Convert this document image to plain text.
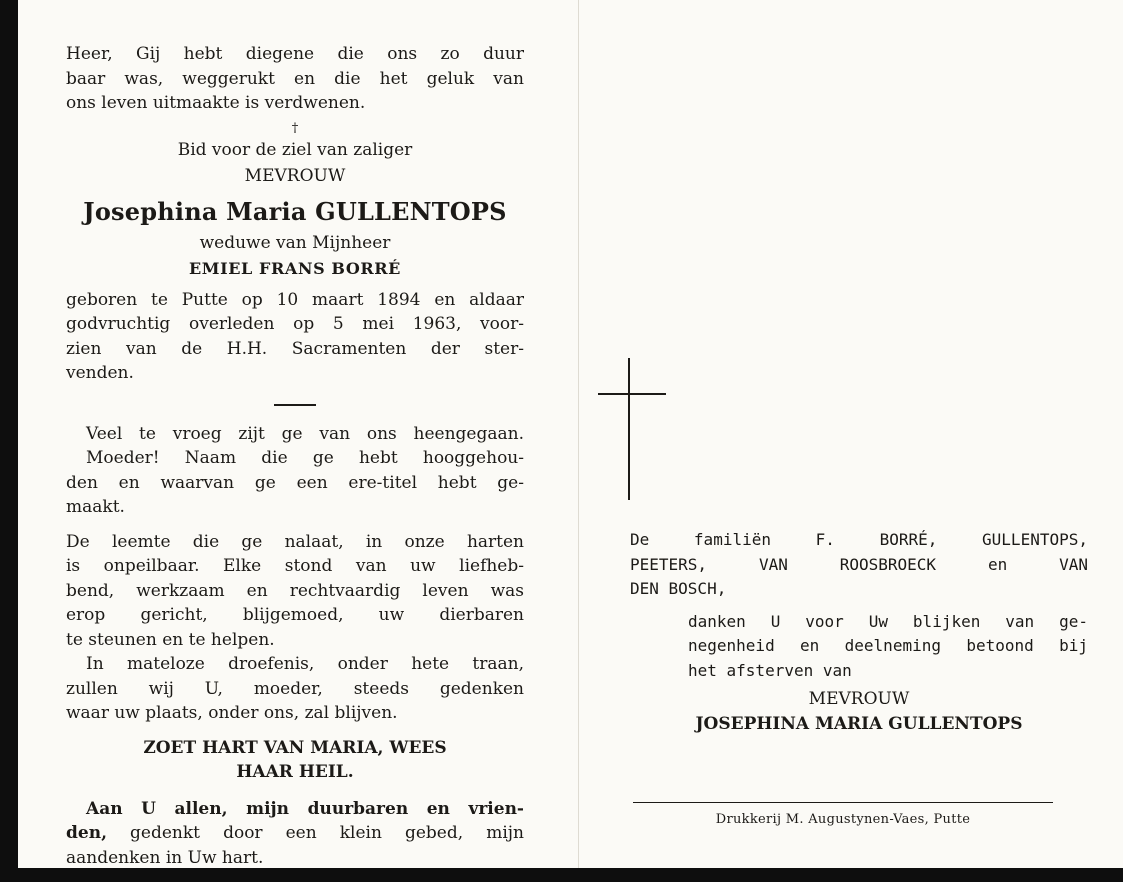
Heer, Gij hebt diegene die ons zo duur

baar was, weggerukt en die het geluk van

ons leven uitmaakte is verdwenen.

†

Bid voor de ziel van zaliger

MEVROUW

Josephina Maria GULLENTOPS

weduwe van Mijnheer

EMIEL FRANS BORRÉ

geboren te Putte op 10 maart 1894 en aldaar

godvruchtig overleden op 5 mei 1963, voor-

zien van de H.H. Sacramenten der ster-

venden.

Veel te vroeg zijt ge van ons heengegaan.

Moeder! Naam die ge hebt hooggehou-

den en waarvan ge een ere-titel hebt ge-

maakt.

De leemte die ge nalaat, in onze harten

is onpeilbaar. Elke stond van uw liefheb-

bend, werkzaam en rechtvaardig leven was

erop gericht, blijgemoed, uw dierbaren

te steunen en te helpen.

In mateloze droefenis, onder hete traan,

zullen wij U, moeder, steeds gedenken

waar uw plaats, onder ons, zal blijven.

ZOET HART VAN MARIA, WEES

HAAR HEIL.

Aan U allen, mijn duurbaren en vrien-

den, gedenkt door een klein gebed, mijn

aandenken in Uw hart.

De familiën F. BORRÉ, GULLENTOPS,

PEETERS, VAN ROOSBROECK en VAN

DEN BOSCH,

danken U voor Uw blijken van ge-

negenheid en deelneming betoond bij

het afsterven van

MEVROUW

JOSEPHINA MARIA GULLENTOPS

Drukkerij M. Augustynen-Vaes, Putte
